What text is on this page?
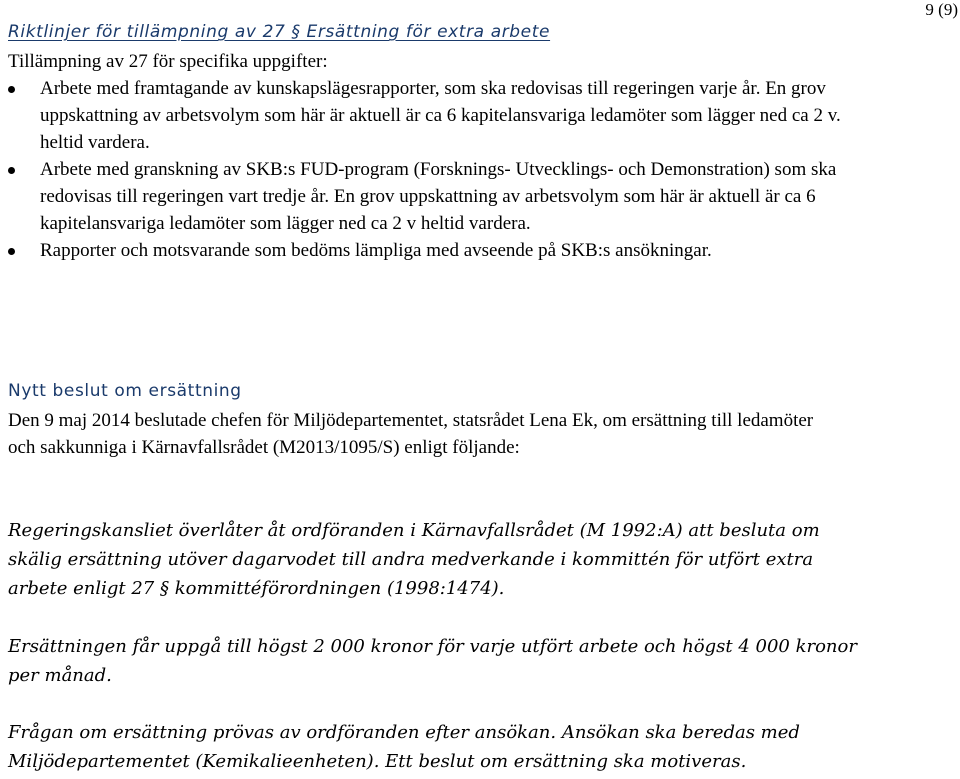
9 (9)
Riktlinjer för tillämpning av 27 § Ersättning för extra arbete
Tillämpning av 27 för specifika uppgifter:
Arbete med framtagande av kunskapslägesrapporter, som ska redovisas till regeringen varje år. En grov uppskattning av arbetsvolym som här är aktuell är ca 6 kapitelansvariga ledamöter som lägger ned ca 2 v. heltid vardera.
Arbete med granskning av SKB:s FUD-program (Forsknings- Utvecklings- och Demonstration) som ska redovisas till regeringen vart tredje år. En grov uppskattning av arbetsvolym som här är aktuell är ca 6 kapitelansvariga ledamöter som lägger ned ca 2 v heltid vardera.
Rapporter och motsvarande som bedöms lämpliga med avseende på SKB:s ansökningar.
Nytt beslut om ersättning
Den 9 maj 2014 beslutade chefen för Miljödepartementet, statsrådet Lena Ek, om ersättning till ledamöter och sakkunniga i Kärnavfallsrådet (M2013/1095/S) enligt följande:
Regeringskansliet överlåter åt ordföranden i Kärnavfallsrådet (M 1992:A) att besluta om skälig ersättning utöver dagarvodet till andra medverkande i kommittén för utfört extra arbete enligt 27 § kommittéförordningen (1998:1474).
Ersättningen får uppgå till högst 2 000 kronor för varje utfört arbete och högst 4 000 kronor per månad.
Frågan om ersättning prövas av ordföranden efter ansökan. Ansökan ska beredas med Miljödepartementet (Kemikalieenheten). Ett beslut om ersättning ska motiveras.
